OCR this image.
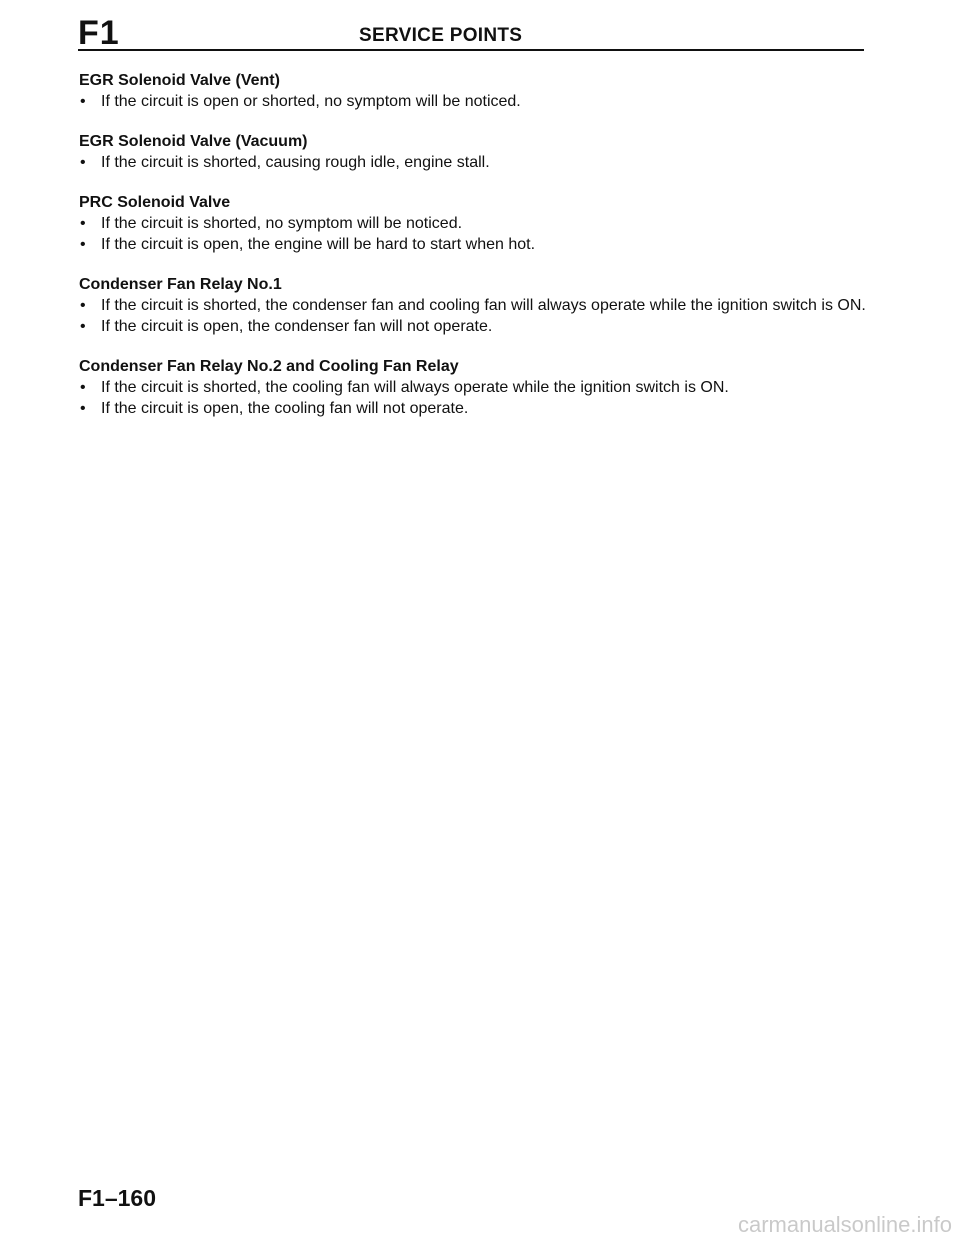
F1	SERVICE POINTS

EGR Solenoid Valve (Vent)

• If the circuit is open or shorted, no symptom will be noticed.

EGR Solenoid Valve (Vacuum)

• If the circuit is shorted, causing rough idle, engine stall.

PRC Solenoid Valve

• If the circuit is shorted, no symptom will be noticed.
• If the circuit is open, the engine will be hard to start when hot.

Condenser Fan Relay No.1

• If the circuit is shorted, the condenser fan and cooling fan will always operate while the ignition switch is ON.
• If the circuit is open, the condenser fan will not operate.

Condenser Fan Relay No.2 and Cooling Fan Relay

• If the circuit is shorted, the cooling fan will always operate while the ignition switch is ON.
• If the circuit is open, the cooling fan will not operate.
F1–160
carmanualsonline.info
